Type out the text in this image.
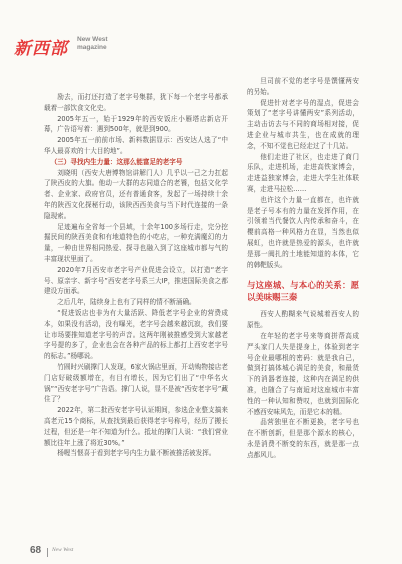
新西部 New West
magazine

励去，而打还打造了老字号集群，犹下每一个老字号都承载着一部饮食文化史。

2005年五一，始于1929年的西安饭庄小雁塔店新店开幕，广告语写着：遇到500年，就是到900。

2005年五一前前市场、新料数据显示：西安达人选了“中华人最喜欢的十大目的地”。

（三）寻找内生力量：这那么能富足的老字号

刘晓明（西安大唐博物馆讲解门人）几乎以一己之力扛起了陕西皮的大旗。他动一大群的志同道合的老饕，包括文化学者、企业家、政府官员，还有普通食客，发起了一场持续十余年的陕西文化探秘行动，该陕西西美食与当下时代连接的一条隐现索。

足迹遍布全省每一个县域，十余年100多场行走，完分挖掘民间的陕西美食和有地道特色的小吃店，一种充满魔幻的力量，一种由世界相同热爱、探寻也融入到了这座城市都与气的丰富现状里面了。

2020年7月西安市老字号产业促进会设立，以打造“老字号、原亲字、新字号”西安老字号系三大IP，推进国际美食之都建设方面承。

之后几年，陆续身上也有了同样的情不断涌确。

“促进饭店也非为有大量活跃、降低老字号企业的营费成本，如果没有活动，没有曝光，老字号会越来越沉寂，我们要让市场要推知道老字号的声音。这两年刚被推感受到大家越老字号提的多了，企业也会在各种产品的标上都打上西安老字号的标志。”杨哪说。

竹圆时兴刷撑门人发现，6家火锅店里面，开动购物接店老门店好破级额增在，有目有增长，因为它们出了“中华名火锅”“西安老字号”广告语。撑门人说，显不是被“西安老字号”藏住了？

2022年，第二批西安老字号认证期间，参选企业整支搞来高老元15个商标，从查找到最后获得老字号称号，经历了搬长过程，但还是一年不知道为什么。抵址的撑门人说：“我们营业额比往年上涨了将近30%。”

杨喔当惬喜于看到老字号内生力量不断被推活被发挥。

旦司前不觉的老字号是馔懂两安的另始。

促进针对老字号的湿点，促进会策划了“老字号讲懂两安”系列活动，主动击访去与不同的商场相对接，促进企业与城市共生，也在成就的理念，不知不觉也已经走过了十几站。

他们走进了社区，也走进了商门乐队，走进机场，走进高铁家博会，走进益独家博会，走进大学生社体联赛，走进马拉松……

也许这个力量一直都在，也许就是老子号本有的力量在发挥作用，在引领着当代餐饮人内传承和奋斗，在樱前高格一种风格力在显，当然也似展虹，也许就是热爱的源头，也许就是那一阀扎的土地能知道的本体，它的韩靶版头。

与这座城、与本心的关系：愿以美味赐三秦

西安人酌糊来气说城着西安人的原性。

在年轻的老字号来等商拼帮高成严头家门人失是提身上，体验到老字号企业最哪根的密码：就是我自己，做到打搞体城心满足的美食，和最货下的消器者连接，这种内在满足的供准，也随合了与南逅对这座城市丰富性的一种认知和赞叹，也就到国际化不感西安味风先，而是它本的精。

品营独里在不断更换，老字号也在不断创新，但是那个源水的核心，永是消费不断变的东西，就是那一点点都风儿。

68 New West
